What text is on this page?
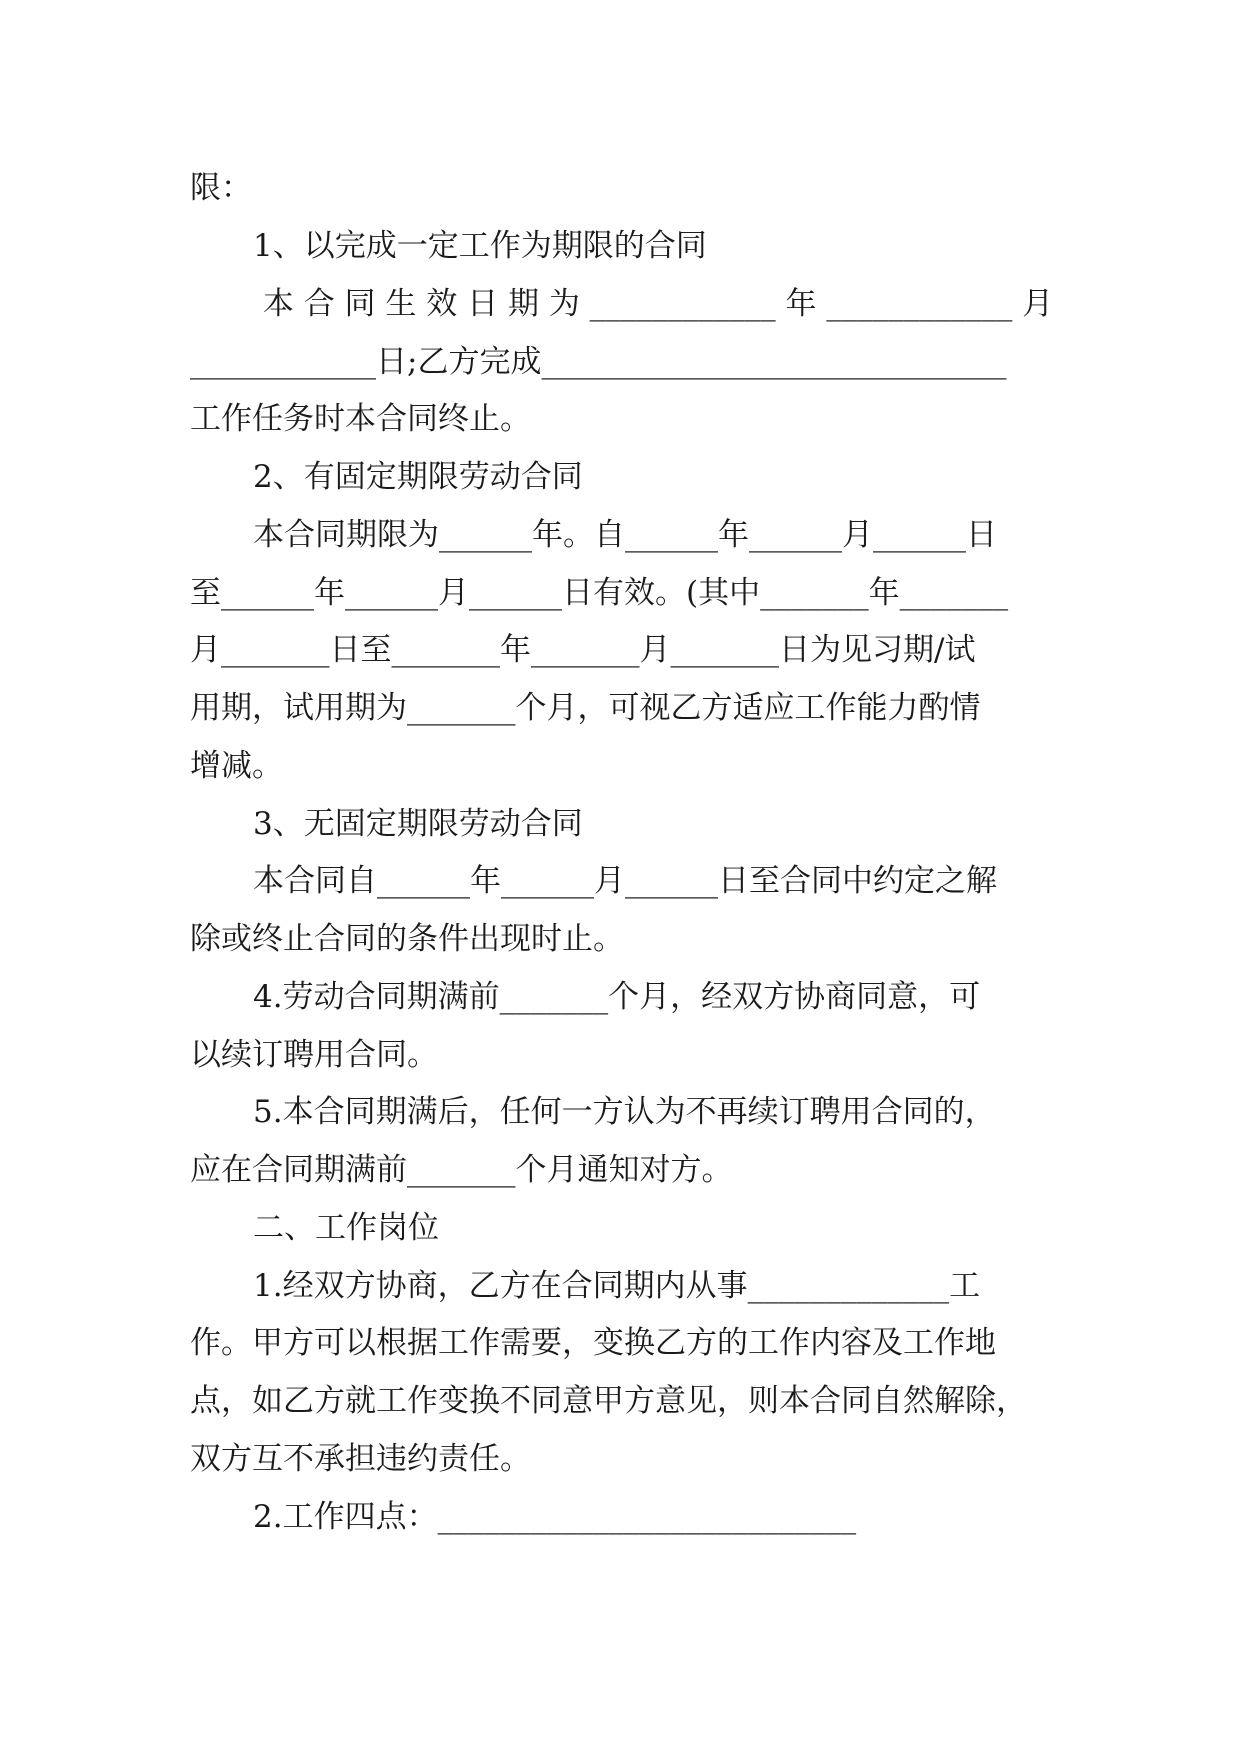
限：
1、以完成一定工作为期限的合同
本 合 同 生 效 日 期 为 ____________ 年 ____________ 月
____________日;乙方完成______________________________
工作任务时本合同终止。
2、有固定期限劳动合同
本合同期限为______年。自______年______月______日
至______年______月______日有效。(其中_______年_______
月_______日至_______年_______月_______日为见习期/试
用期，试用期为_______个月，可视乙方适应工作能力酌情
增减。
3、无固定期限劳动合同
本合同自______年______月______日至合同中约定之解
除或终止合同的条件出现时止。
4.劳动合同期满前_______个月，经双方协商同意，可
以续订聘用合同。
5.本合同期满后，任何一方认为不再续订聘用合同的，
应在合同期满前_______个月通知对方。
二、工作岗位
1.经双方协商，乙方在合同期内从事_____________工
作。甲方可以根据工作需要，变换乙方的工作内容及工作地
点，如乙方就工作变换不同意甲方意见，则本合同自然解除，
双方互不承担违约责任。
2.工作四点：___________________________
